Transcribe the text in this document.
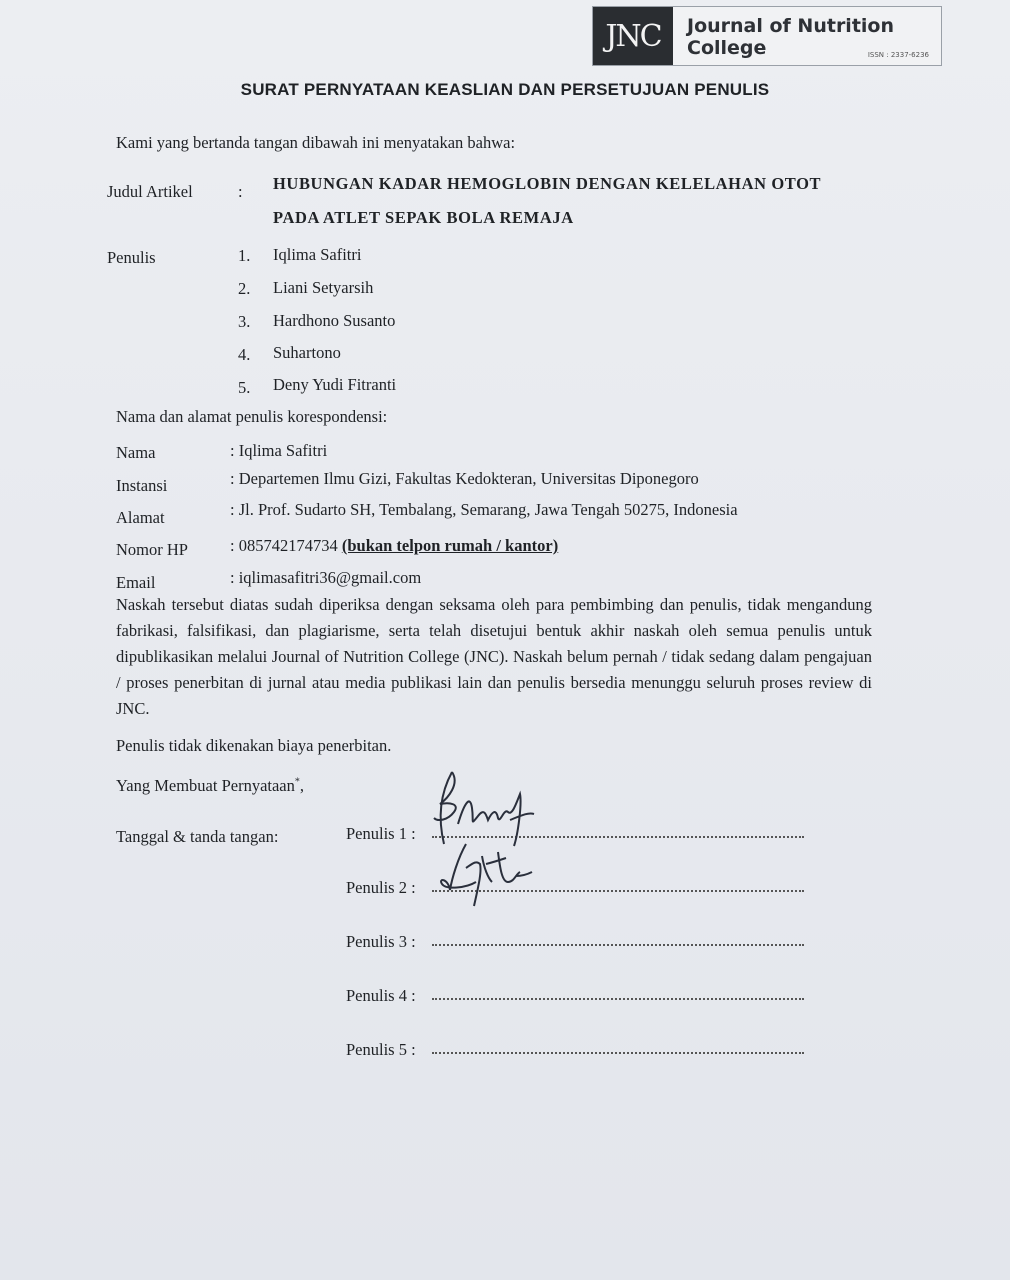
JNC Journal of Nutrition College	ISSN : 2337-6236
SURAT PERNYATAAN KEASLIAN DAN PERSETUJUAN PENULIS
Kami yang bertanda tangan dibawah ini menyatakan bahwa:
Judul Artikel	: HUBUNGAN KADAR HEMOGLOBIN DENGAN KELELAHAN OTOT
PADA ATLET SEPAK BOLA REMAJA
Penulis	1. Iqlima Safitri
2. Liani Setyarsih
3. Hardhono Susanto
4. Suhartono
5. Deny Yudi Fitranti
Nama dan alamat penulis korespondensi:
Nama	: Iqlima Safitri
Instansi	: Departemen Ilmu Gizi, Fakultas Kedokteran, Universitas Diponegoro
Alamat	: Jl. Prof. Sudarto SH, Tembalang, Semarang, Jawa Tengah 50275, Indonesia
Nomor HP	: 085742174734 (bukan telpon rumah / kantor)
Email	: iqlimasafitri36@gmail.com
Naskah tersebut diatas sudah diperiksa dengan seksama oleh para pembimbing dan penulis, tidak mengandung fabrikasi, falsifikasi, dan plagiarisme, serta telah disetujui bentuk akhir naskah oleh semua penulis untuk dipublikasikan melalui Journal of Nutrition College (JNC). Naskah belum pernah / tidak sedang dalam pengajuan / proses penerbitan di jurnal atau media publikasi lain dan penulis bersedia menunggu seluruh proses review di JNC.
Penulis tidak dikenakan biaya penerbitan.
Yang Membuat Pernyataan*,
Tanggal & tanda tangan:	Penulis 1 :
Penulis 2 :
Penulis 3 :
Penulis 4 :
Penulis 5 :
